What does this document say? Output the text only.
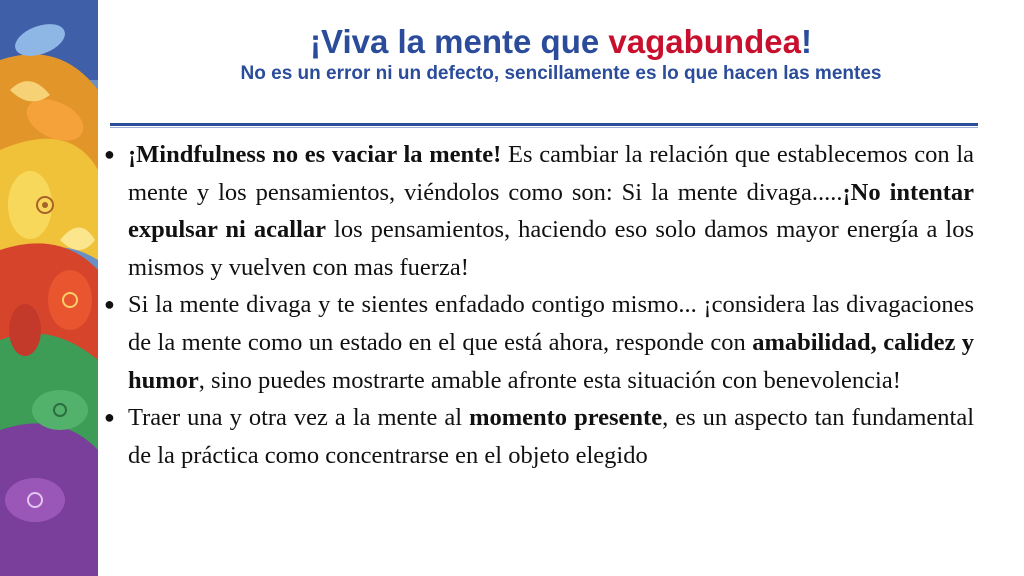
¡Viva la mente que vagabundea!

No es un error ni un defecto, sencillamente es lo que hacen las mentes

● ¡Mindfulness no es vaciar la mente! Es cambiar la relación que establecemos con la mente y los pensamientos, viéndolos como son: Si la mente divaga.....¡No intentar expulsar ni acallar los pensamientos, haciendo eso solo damos mayor energía a los mismos y vuelven con mas fuerza!
● Si la mente divaga y te sientes enfadado contigo mismo... ¡considera las divagaciones de la mente como un estado en el que está ahora, responde con amabilidad, calidez y humor, sino puedes mostrarte amable afronte esta situación con benevolencia!
● Traer una y otra vez a la mente al momento presente, es un aspecto tan fundamental de la práctica como concentrarse en el objeto elegido
